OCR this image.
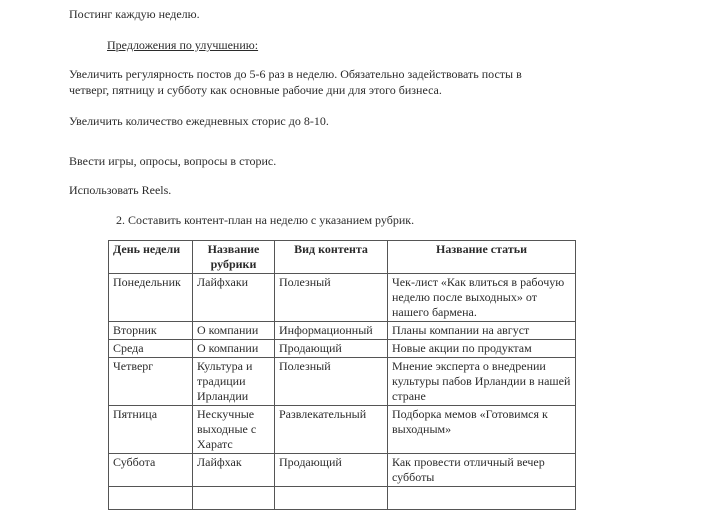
Постинг каждую неделю.
Предложения по улучшению:
Увеличить регулярность постов до 5-6 раз в неделю. Обязательно задействовать посты в четверг, пятницу и субботу как основные рабочие дни для этого бизнеса.
Увеличить количество ежедневных сторис до 8-10.
Ввести игры, опросы, вопросы в сторис.
Использовать Reels.
2. Составить контент-план на неделю с указанием рубрик.
День недели	Название рубрики	Вид контента	Название статьи
Понедельник	Лайфхаки	Полезный	Чек-лист «Как влиться в рабочую неделю после выходных» от нашего бармена.
Вторник	О компании	Информационный	Планы компании на август
Среда	О компании	Продающий	Новые акции по продуктам
Четверг	Культура и традиции Ирландии	Полезный	Мнение эксперта о внедрении культуры пабов Ирландии в нашей стране
Пятница	Нескучные выходные с Харатс	Развлекательный	Подборка мемов «Готовимся к выходным»
Суббота	Лайфхак	Продающий	Как провести отличный вечер субботы
